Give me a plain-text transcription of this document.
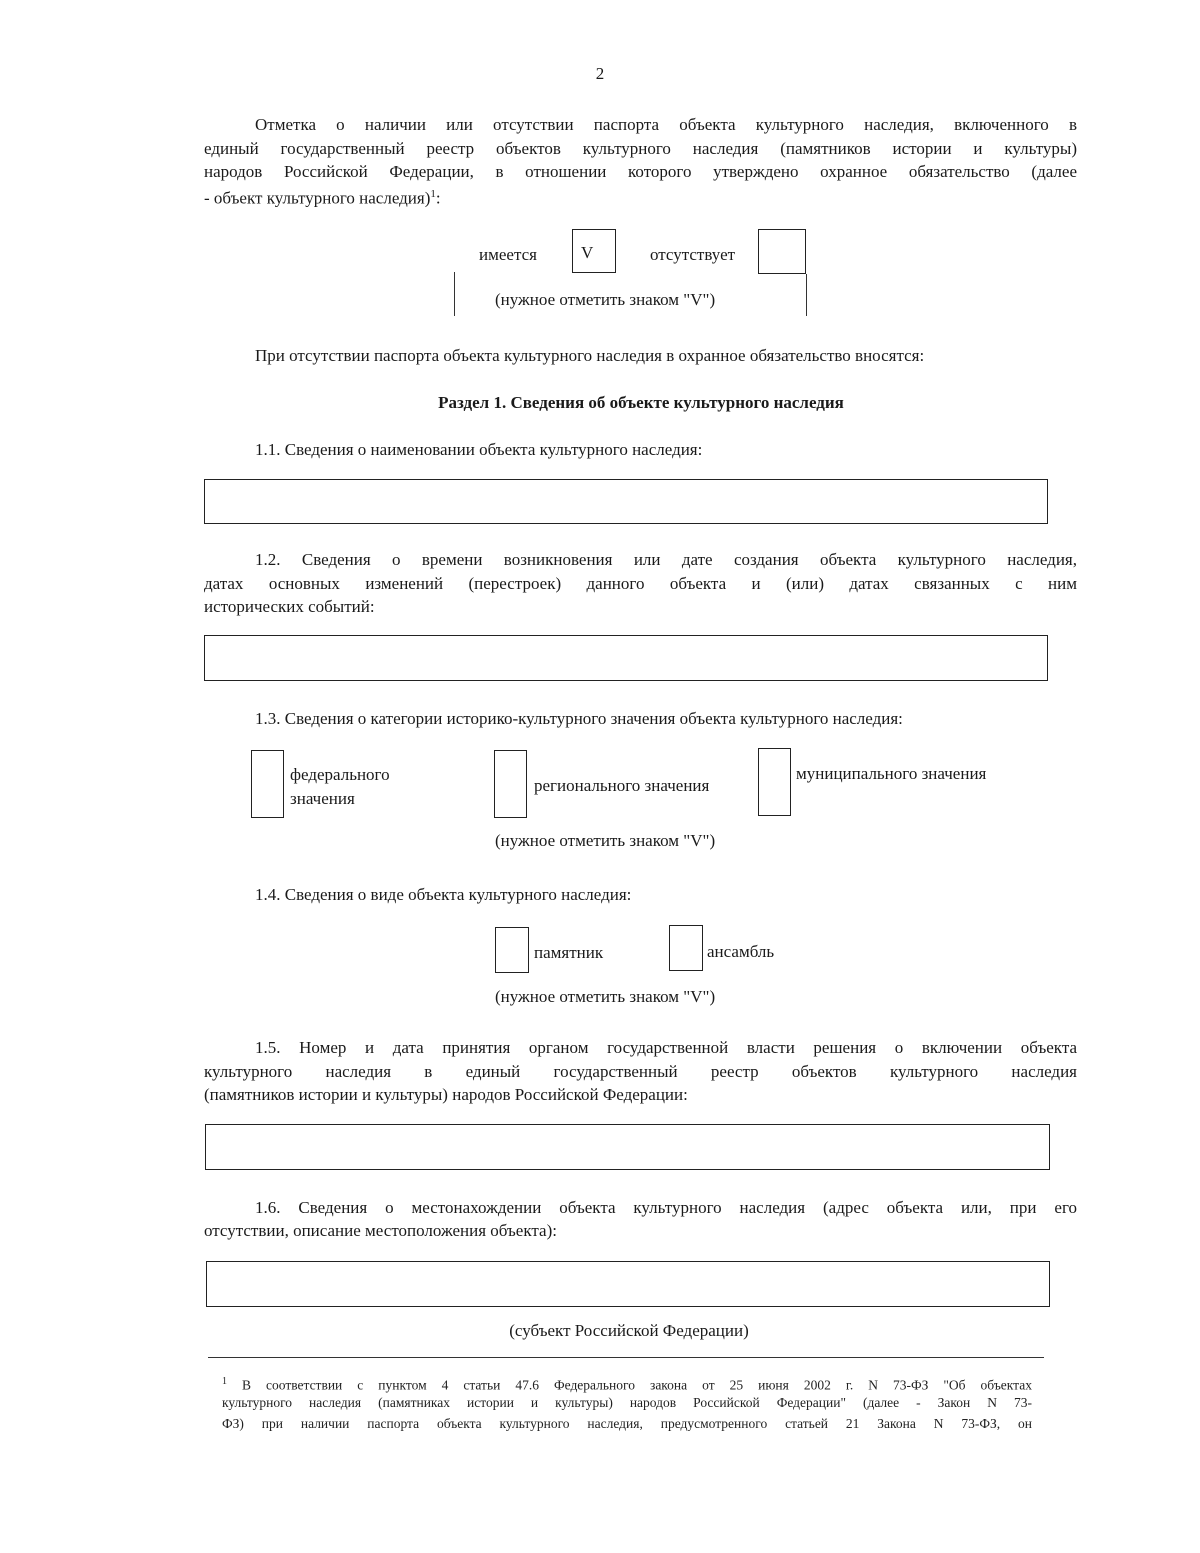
2
Отметка о наличии или отсутствии паспорта объекта культурного наследия, включенного в
единый государственный реестр объектов культурного наследия (памятников истории и культуры)
народов Российской Федерации, в отношении которого утверждено охранное обязательство (далее
- объект культурного наследия)$^1$:
имеется	V	отсутствует
(нужное отметить знаком "V")
При отсутствии паспорта объекта культурного наследия в охранное обязательство вносятся:
Раздел 1. Сведения об объекте культурного наследия
1.1. Сведения о наименовании объекта культурного наследия:
1.2. Сведения о времени возникновения или дате создания объекта культурного наследия,
датах основных изменений (перестроек) данного объекта и (или) датах связанных с ним
исторических событий:
1.3. Сведения о категории историко-культурного значения объекта культурного наследия:
федерального
значения
регионального значения
муниципального значения
(нужное отметить знаком "V")
1.4. Сведения о виде объекта культурного наследия:
памятник	ансамбль
(нужное отметить знаком "V")
1.5. Номер и дата принятия органом государственной власти решения о включении объекта
культурного наследия в единый государственный реестр объектов культурного наследия
(памятников истории и культуры) народов Российской Федерации:
1.6. Сведения о местонахождении объекта культурного наследия (адрес объекта или, при его
отсутствии, описание местоположения объекта):
(субъект Российской Федерации)
$^1$ В соответствии с пунктом 4 статьи 47.6 Федерального закона от 25 июня 2002 г. N 73-ФЗ "Об объектах
культурного наследия (памятниках истории и культуры) народов Российской Федерации" (далее - Закон N 73-
ФЗ) при наличии паспорта объекта культурного наследия, предусмотренного статьей 21 Закона N 73-ФЗ, он
